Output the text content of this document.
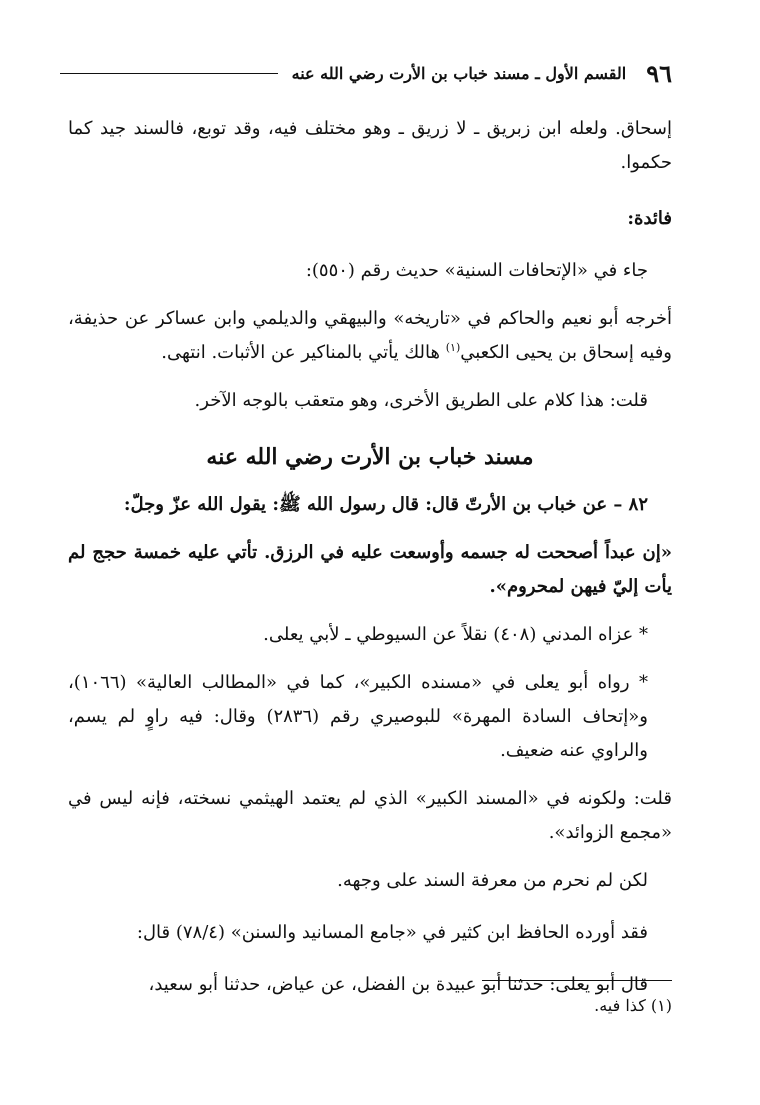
٩٦
القسم الأول ـ مسند خباب بن الأرت رضي الله عنه

إسحاق. ولعله ابن زبريق ـ لا زريق ـ وهو مختلف فيه، وقد توبع، فالسند جيد كما حكموا.

فائدة:

جاء في «الإتحافات السنية» حديث رقم (٥٥٠):

أخرجه أبو نعيم والحاكم في «تاريخه» والبيهقي والديلمي وابن عساكر عن حذيفة، وفيه إسحاق بن يحيى الكعبي$^{(١)}$ هالك يأتي بالمناكير عن الأثبات. انتهى.

قلت: هذا كلام على الطريق الأخرى، وهو متعقب بالوجه الآخر.

مسند خباب بن الأرت رضي الله عنه

٨٢ – عن خباب بن الأرتّ قال: قال رسول الله ﷺ: يقول الله عزّ وجلّ:

«إن عبداً أصححت له جسمه وأوسعت عليه في الرزق. تأتي عليه خمسة حجج لم يأت إليّ فيهن لمحروم».

* عزاه المدني (٤٠٨) نقلاً عن السيوطي ـ لأبي يعلى.

* رواه أبو يعلى في «مسنده الكبير»، كما في «المطالب العالية» (١٠٦٦)، و«إتحاف السادة المهرة» للبوصيري رقم (٢٨٣٦) وقال: فيه راوٍ لم يسم، والراوي عنه ضعيف.

قلت: ولكونه في «المسند الكبير» الذي لم يعتمد الهيثمي نسخته، فإنه ليس في «مجمع الزوائد».

لكن لم نحرم من معرفة السند على وجهه.

فقد أورده الحافظ ابن كثير في «جامع المسانيد والسنن» (٧٨/٤) قال:

قال أبو يعلى: حدثنا أبو عبيدة بن الفضل، عن عياض، حدثنا أبو سعيد،

(١) كذا فيه.
